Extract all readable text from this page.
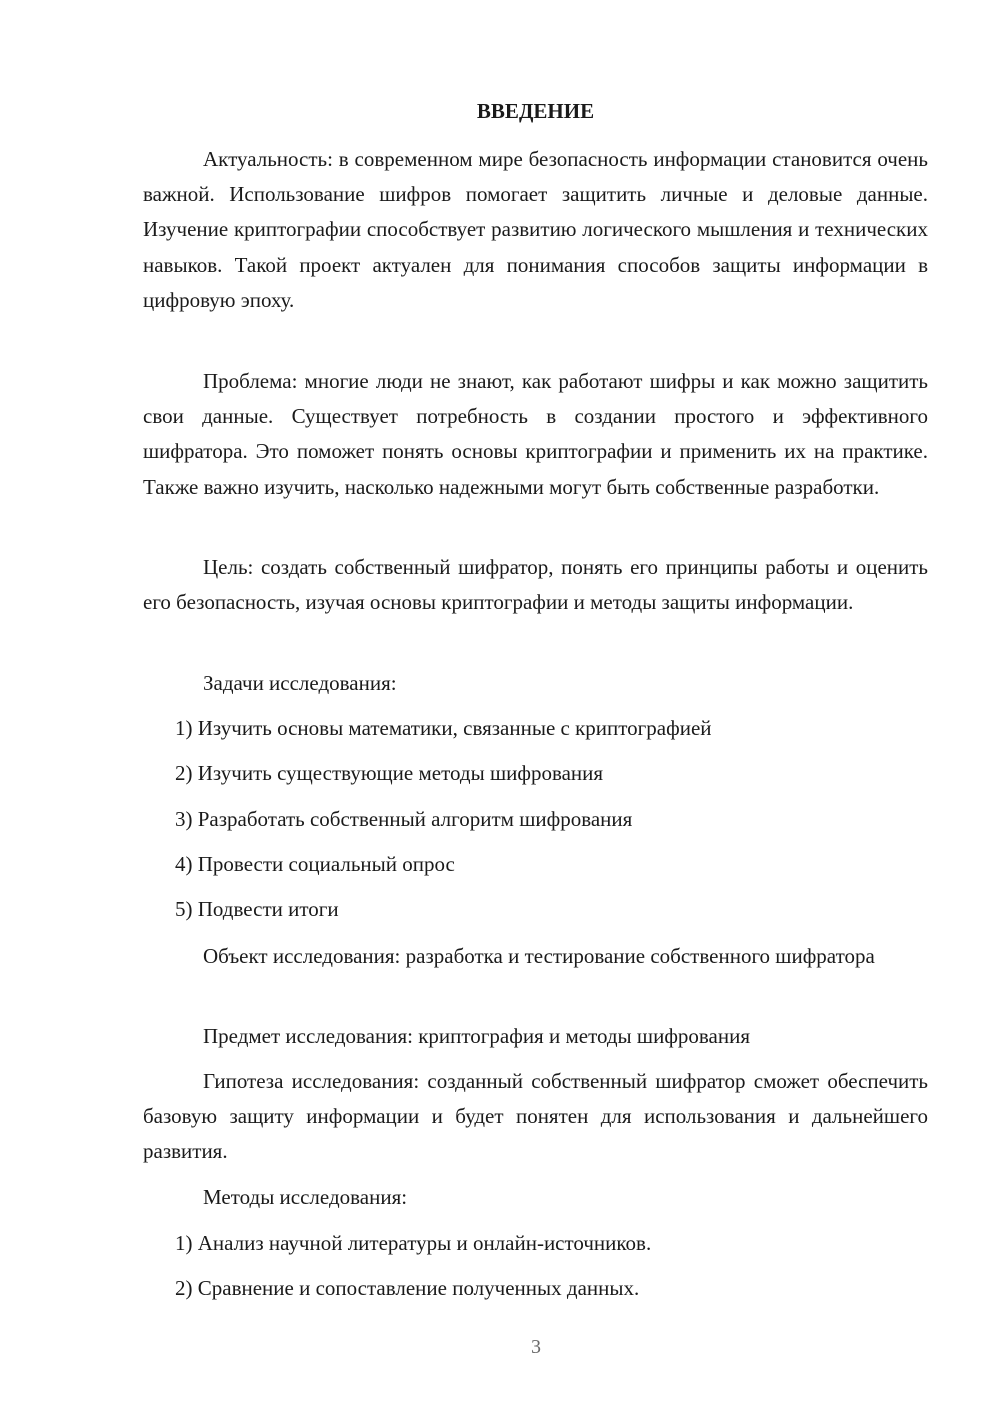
ВВЕДЕНИЕ

Актуальность: в современном мире безопасность информации становится очень важной. Использование шифров помогает защитить личные и деловые данные. Изучение криптографии способствует развитию логического мышления и технических навыков. Такой проект актуален для понимания способов защиты информации в цифровую эпоху.

Проблема: многие люди не знают, как работают шифры и как можно защитить свои данные. Существует потребность в создании простого и эффективного шифратора. Это поможет понять основы криптографии и применить их на практике. Также важно изучить, насколько надежными могут быть собственные разработки.

Цель: создать собственный шифратор, понять его принципы работы и оценить его безопасность, изучая основы криптографии и методы защиты информации.

Задачи исследования:

1) Изучить основы математики, связанные с криптографией

2) Изучить существующие методы шифрования

3) Разработать собственный алгоритм шифрования

4) Провести социальный опрос

5) Подвести итоги

Объект исследования: разработка и тестирование собственного шифратора

Предмет исследования: криптография и методы шифрования

Гипотеза исследования: созданный собственный шифратор сможет обеспечить базовую защиту информации и будет понятен для использования и дальнейшего развития.

Методы исследования:

1) Анализ научной литературы и онлайн-источников.

2) Сравнение и сопоставление полученных данных.

3
